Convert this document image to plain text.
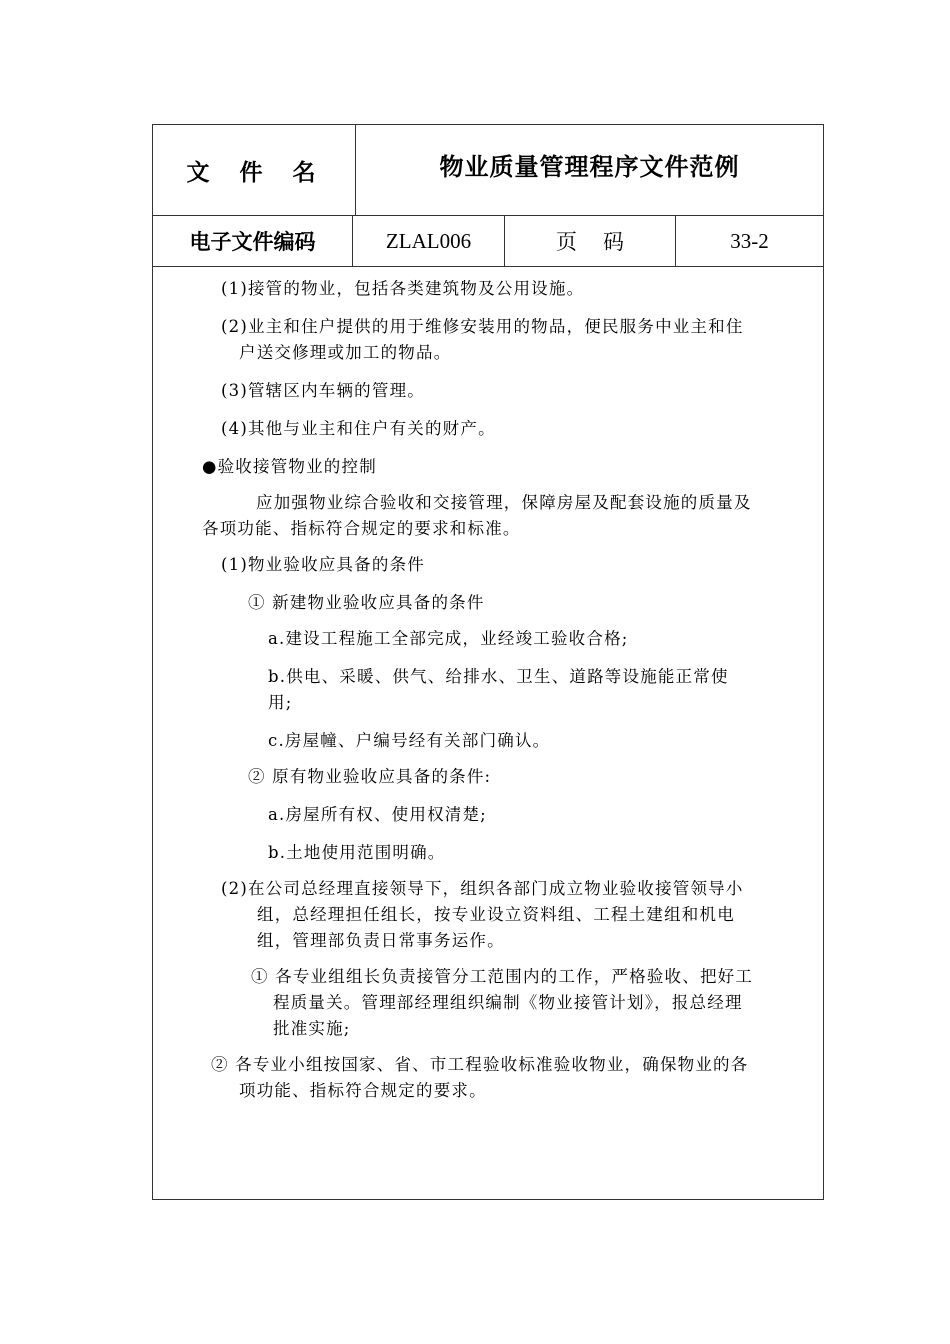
文件名	物业质量管理程序文件范例
电子文件编码	ZLAL006	页码	33-2
(1)接管的物业，包括各类建筑物及公用设施。
(2)业主和住户提供的用于维修安装用的物品，便民服务中业主和住
户送交修理或加工的物品。
(3)管辖区内车辆的管理。
(4)其他与业主和住户有关的财产。
●验收接管物业的控制
应加强物业综合验收和交接管理，保障房屋及配套设施的质量及
各项功能、指标符合规定的要求和标准。
(1)物业验收应具备的条件
① 新建物业验收应具备的条件
a.建设工程施工全部完成，业经竣工验收合格;
b.供电、采暖、供气、给排水、卫生、道路等设施能正常使
用;
c.房屋幢、户编号经有关部门确认。
② 原有物业验收应具备的条件:
a.房屋所有权、使用权清楚;
b.土地使用范围明确。
(2)在公司总经理直接领导下，组织各部门成立物业验收接管领导小
组，总经理担任组长，按专业设立资料组、工程土建组和机电
组，管理部负责日常事务运作。
① 各专业组组长负责接管分工范围内的工作，严格验收、把好工
程质量关。管理部经理组织编制《物业接管计划》，报总经理
批准实施;
② 各专业小组按国家、省、市工程验收标准验收物业，确保物业的各
项功能、指标符合规定的要求。
